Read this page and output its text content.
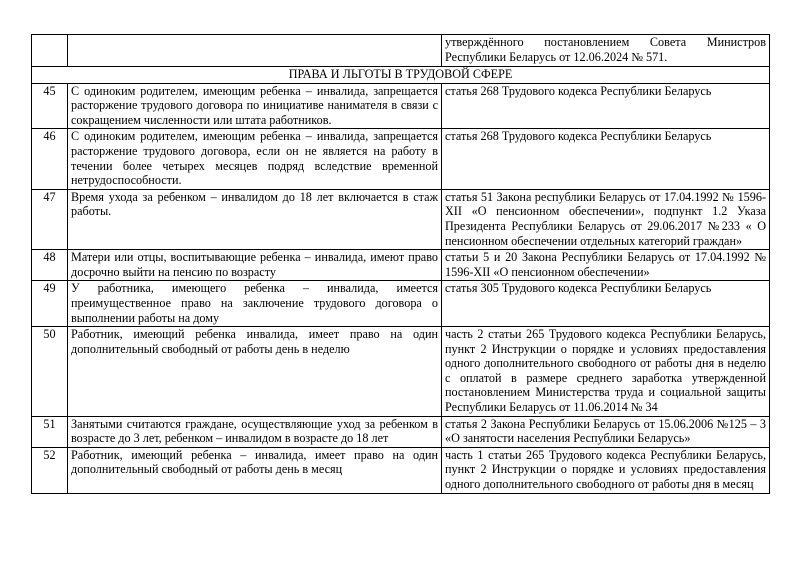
		утверждённого постановлением Совета Министров Республики Беларусь от 12.06.2024 № 571.
ПРАВА И ЛЬГОТЫ В ТРУДОВОЙ СФЕРЕ		
45	С одиноким родителем, имеющим ребенка – инвалида, запрещается расторжение трудового договора по инициативе нанимателя в связи с сокращением численности или штата работников.	статья 268 Трудового кодекса Республики Беларусь
46	С одиноким родителем, имеющим ребенка – инвалида, запрещается расторжение трудового договора, если он не является на работу в течении более четырех месяцев подряд вследствие временной нетрудоспособности.	статья 268 Трудового кодекса Республики Беларусь
47	Время ухода за ребенком – инвалидом до 18 лет включается в стаж работы.	статья 51 Закона республики Беларусь от 17.04.1992 № 1596-XII «О пенсионном обеспечении», подпункт 1.2 Указа Президента Республики Беларусь от 29.06.2017 №233 « О пенсионном обеспечении отдельных категорий граждан»
48	Матери или отцы, воспитывающие ребенка – инвалида, имеют право досрочно выйти на пенсию по возрасту	статьи 5 и 20 Закона Республики Беларусь от 17.04.1992 № 1596-XII «О пенсионном обеспечении»
49	У работника, имеющего ребенка – инвалида, имеется преимущественное право на заключение трудового договора о выполнении работы на дому	статья 305 Трудового кодекса Республики Беларусь
50	Работник, имеющий ребенка инвалида, имеет право на один дополнительный свободный от работы день в неделю	часть 2 статьи 265 Трудового кодекса Республики Беларусь, пункт 2 Инструкции о порядке и условиях предоставления одного дополнительного свободного от работы дня в неделю с оплатой в размере среднего заработка утвержденной постановлением Министерства труда и социальной защиты Республики Беларусь от 11.06.2014 № 34
51	Занятыми считаются граждане, осуществляющие уход за ребенком в возрасте до 3 лет, ребенком – инвалидом в возрасте до 18 лет	статья 2 Закона Республики Беларусь от 15.06.2006 №125 – 3 «О занятости населения Республики Беларусь»
52	Работник, имеющий ребенка – инвалида, имеет право на один дополнительный свободный от работы день в месяц	часть 1 статьи 265 Трудового кодекса Республики Беларусь, пункт 2 Инструкции о порядке и условиях предоставления одного дополнительного свободного от работы дня в месяц
